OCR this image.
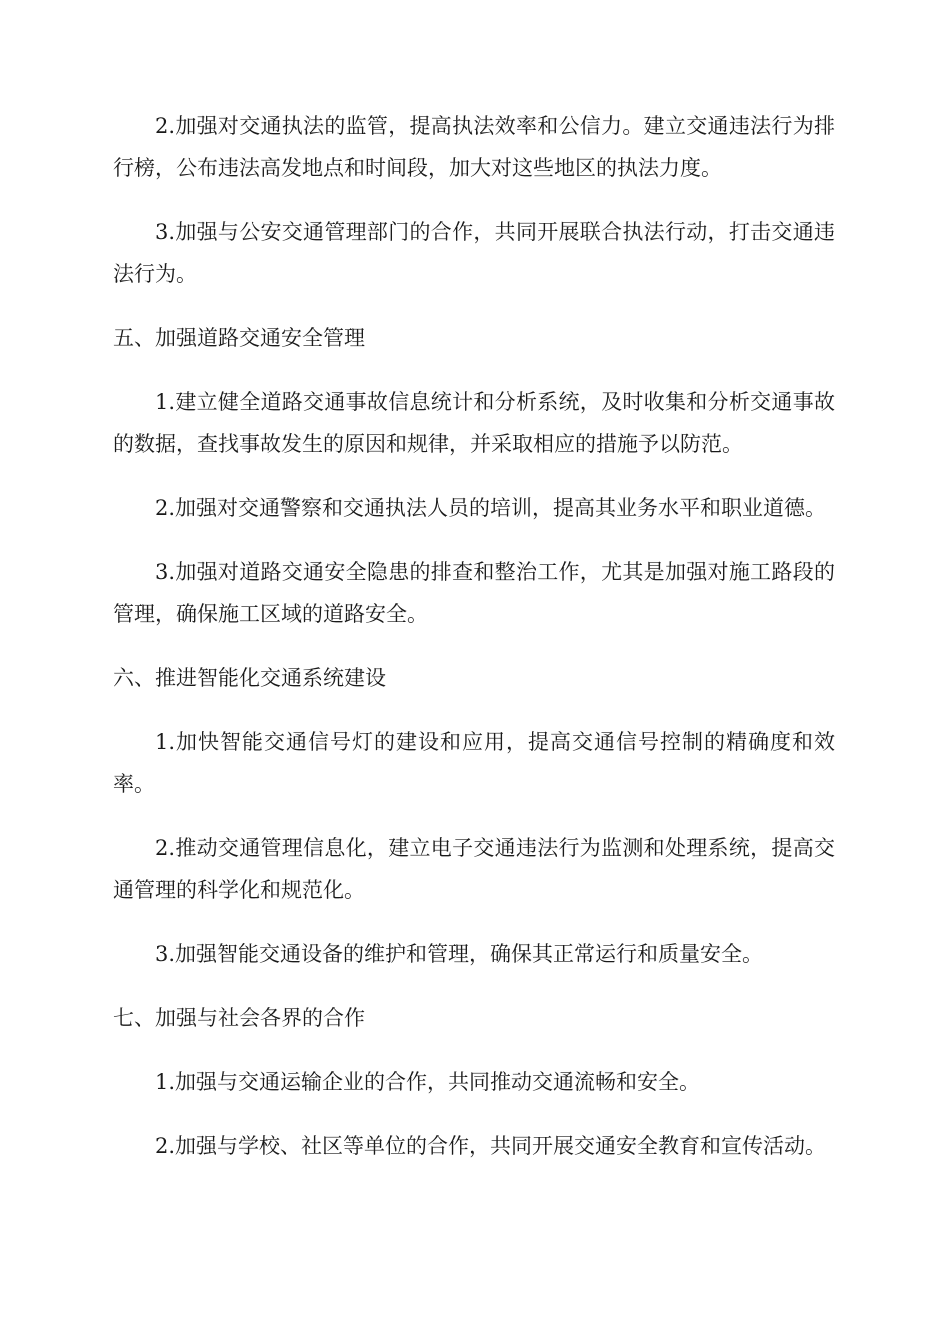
2.加强对交通执法的监管，提高执法效率和公信力。建立交通违法行为排行榜，公布违法高发地点和时间段，加大对这些地区的执法力度。

3.加强与公安交通管理部门的合作，共同开展联合执法行动，打击交通违法行为。

五、加强道路交通安全管理

1.建立健全道路交通事故信息统计和分析系统，及时收集和分析交通事故的数据，查找事故发生的原因和规律，并采取相应的措施予以防范。

2.加强对交通警察和交通执法人员的培训，提高其业务水平和职业道德。

3.加强对道路交通安全隐患的排查和整治工作，尤其是加强对施工路段的管理，确保施工区域的道路安全。

六、推进智能化交通系统建设

1.加快智能交通信号灯的建设和应用，提高交通信号控制的精确度和效率。

2.推动交通管理信息化，建立电子交通违法行为监测和处理系统，提高交通管理的科学化和规范化。

3.加强智能交通设备的维护和管理，确保其正常运行和质量安全。

七、加强与社会各界的合作

1.加强与交通运输企业的合作，共同推动交通流畅和安全。

2.加强与学校、社区等单位的合作，共同开展交通安全教育和宣传活动。
